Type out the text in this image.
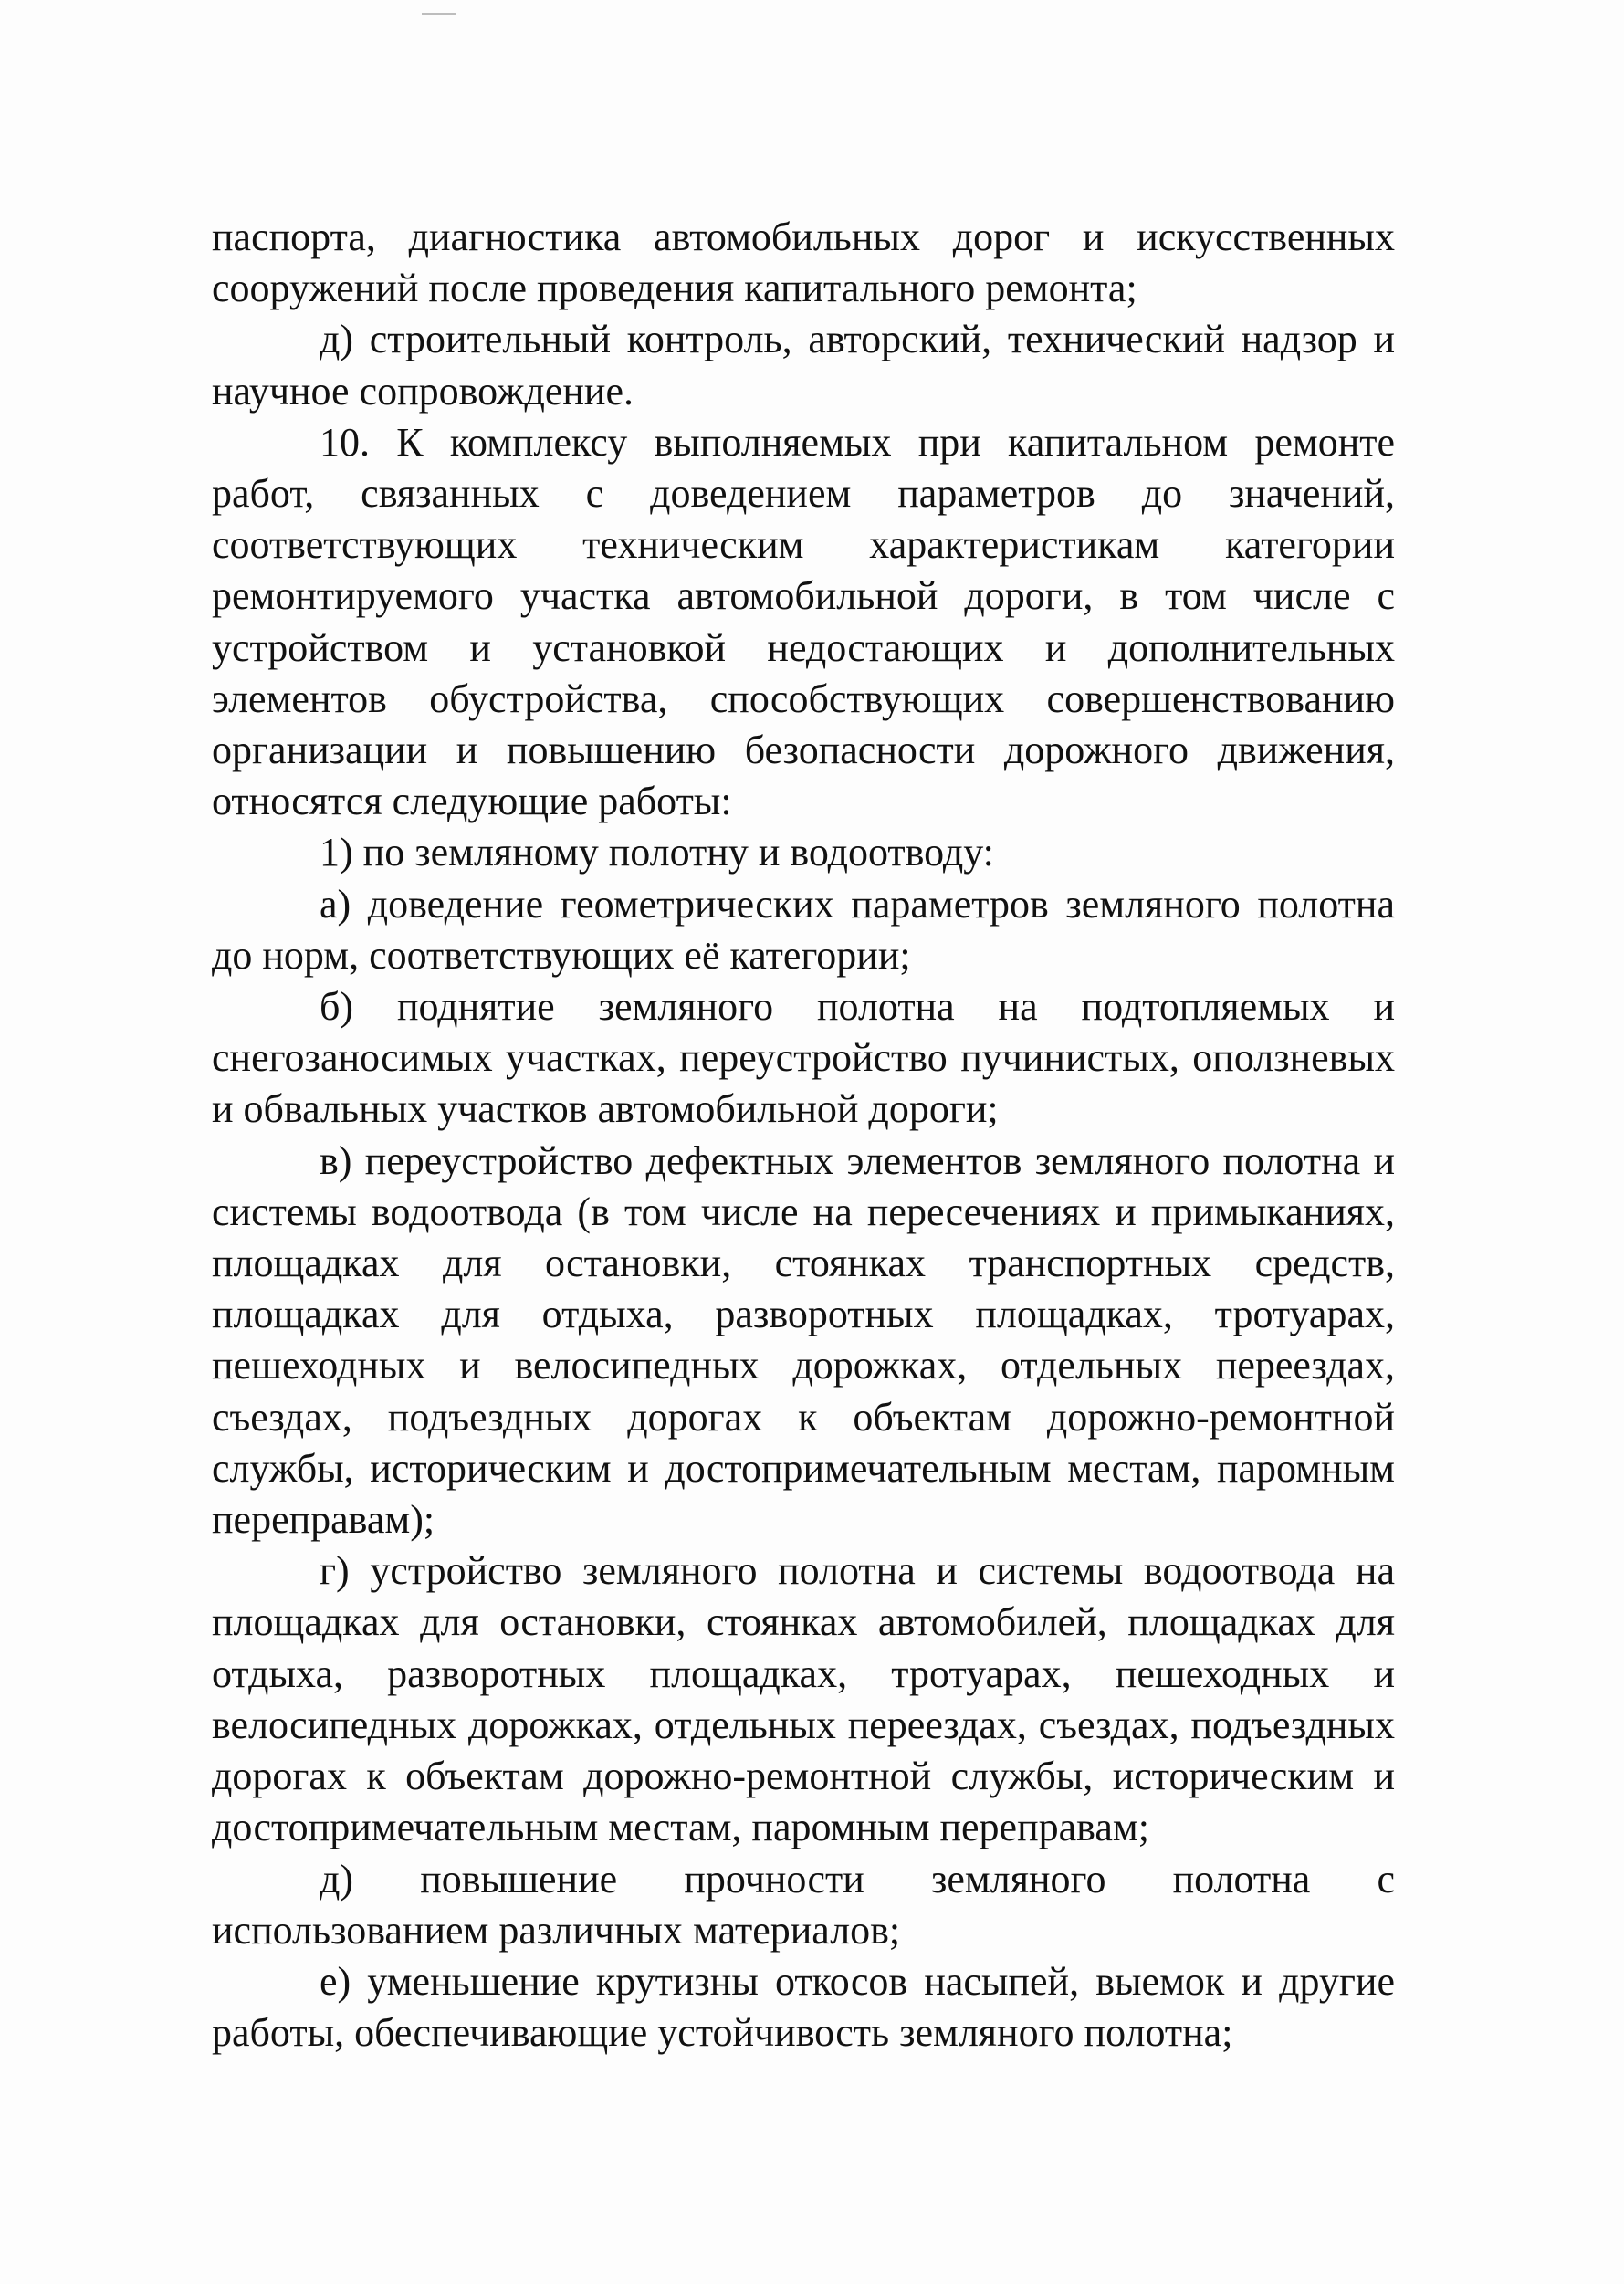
паспорта, диагностика автомобильных дорог и искусственных сооружений после проведения капитального ремонта;

д) строительный контроль, авторский, технический надзор и научное сопровождение.

10. К комплексу выполняемых при капитальном ремонте работ, связанных с доведением параметров до значений, соответствующих техническим характеристикам категории ремонтируемого участка автомобильной дороги, в том числе с устройством и установкой недостающих и дополнительных элементов обустройства, способствующих совершенствованию организации и повышению безопасности дорожного движения, относятся следующие работы:

1) по земляному полотну и водоотводу:

а) доведение геометрических параметров земляного полотна до норм, соответствующих её категории;

б) поднятие земляного полотна на подтопляемых и снегозаносимых участках, переустройство пучинистых, оползневых и обвальных участков автомобильной дороги;

в) переустройство дефектных элементов земляного полотна и системы водоотвода (в том числе на пересечениях и примыканиях, площадках для остановки, стоянках транспортных средств, площадках для отдыха, разворотных площадках, тротуарах, пешеходных и велосипедных дорожках, отдельных переездах, съездах, подъездных дорогах к объектам дорожно-ремонтной службы, историческим и достопримечательным местам, паромным переправам);

г) устройство земляного полотна и системы водоотвода на площадках для остановки, стоянках автомобилей, площадках для отдыха, разворотных площадках, тротуарах, пешеходных и велосипедных дорожках, отдельных переездах, съездах, подъездных дорогах к объектам дорожно-ремонтной службы, историческим и достопримечательным местам, паромным переправам;

д) повышение прочности земляного полотна с использованием различных материалов;

е) уменьшение крутизны откосов насыпей, выемок и другие работы, обеспечивающие устойчивость земляного полотна;
